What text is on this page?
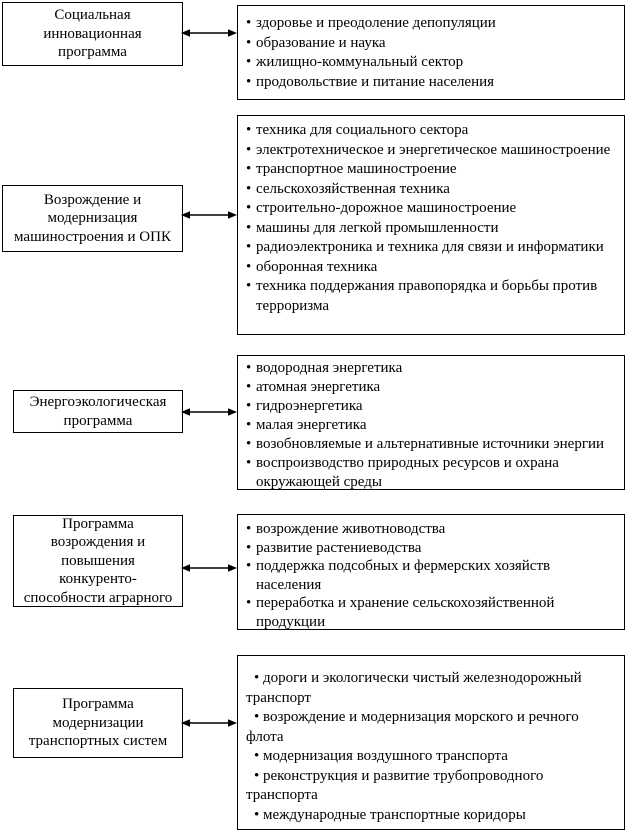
Социальная
инновационная
программа
• здоровье и преодоление депопуляции
• образование и наука
• жилищно-коммунальный сектор
• продовольствие и питание населения
Возрождение и
модернизация
машиностроения и ОПК
• техника для социального сектора
• электротехническое и энергетическое машиностроение
• транспортное машиностроение
• сельскохозяйственная техника
• строительно-дорожное машиностроение
• машины для легкой промышленности
• радиоэлектроника и техника для связи и информатики
• оборонная техника
• техника поддержания правопорядка и борьбы против терроризма
Энергоэкологическая
программа
• водородная энергетика
• атомная энергетика
• гидроэнергетика
• малая энергетика
• возобновляемые и альтернативные источники энергии
• воспроизводство природных ресурсов и охрана окружающей среды
Программа
возрождения и
повышения
конкуренто-
способности аграрного
• возрождение животноводства
• развитие растениеводства
• поддержка подсобных и фермерских хозяйств населения
• переработка и хранение сельскохозяйственной продукции
Программа
модернизации
транспортных систем
• дороги и экологически чистый железнодорожный транспорт
• возрождение и модернизация морского и речного флота
• модернизация воздушного транспорта
• реконструкция и развитие трубопроводного транспорта
• международные транспортные коридоры
